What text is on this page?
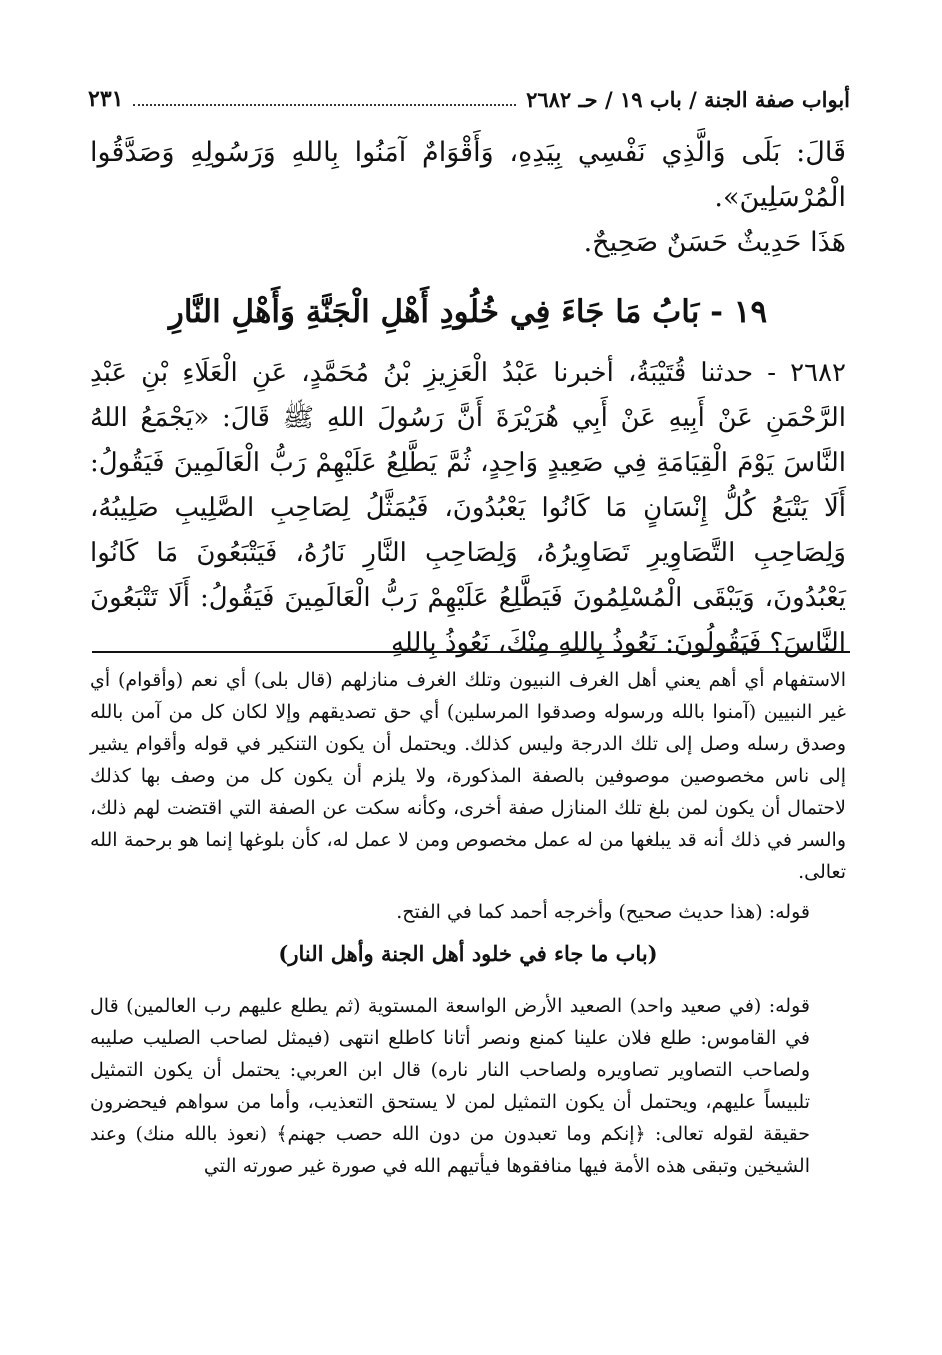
أبواب صفة الجنة / باب ١٩ / حـ ٢٦٨٢
٢٣١

قَالَ: بَلَى وَالَّذِي نَفْسِي بِيَدِهِ، وَأَقْوَامٌ آمَنُوا بِاللهِ وَرَسُولِهِ وَصَدَّقُوا الْمُرْسَلِينَ».

هَذَا حَدِيثٌ حَسَنٌ صَحِيحٌ.

١٩ - بَابُ مَا جَاءَ فِي خُلُودِ أَهْلِ الْجَنَّةِ وَأَهْلِ النَّارِ

٢٦٨٢ - حدثنا قُتَيْبَةُ، أخبرنا عَبْدُ الْعَزِيزِ بْنُ مُحَمَّدٍ، عَنِ الْعَلَاءِ بْنِ عَبْدِ الرَّحْمَنِ عَنْ أَبِيهِ عَنْ أَبِي هُرَيْرَةَ أَنَّ رَسُولَ اللهِ ﷺ قَالَ: «يَجْمَعُ اللهُ النَّاسَ يَوْمَ الْقِيَامَةِ فِي صَعِيدٍ وَاحِدٍ، ثُمَّ يَطَّلِعُ عَلَيْهِمْ رَبُّ الْعَالَمِينَ فَيَقُولُ: أَلَا يَتْبَعُ كُلُّ إِنْسَانٍ مَا كَانُوا يَعْبُدُونَ، فَيُمَثَّلُ لِصَاحِبِ الصَّلِيبِ صَلِيبُهُ، وَلِصَاحِبِ التَّصَاوِيرِ تَصَاوِيرُهُ، وَلِصَاحِبِ النَّارِ نَارُهُ، فَيَتْبَعُونَ مَا كَانُوا يَعْبُدُونَ، وَيَبْقَى الْمُسْلِمُونَ فَيَطَّلِعُ عَلَيْهِمْ رَبُّ الْعَالَمِينَ فَيَقُولُ: أَلَا تَتْبَعُونَ النَّاسَ؟ فَيَقُولُونَ: نَعُوذُ بِاللهِ مِنْكَ، نَعُوذُ بِاللهِ

الاستفهام أي أهم يعني أهل الغرف النبيون وتلك الغرف منازلهم (قال بلى) أي نعم (وأقوام) أي غير النبيين (آمنوا بالله ورسوله وصدقوا المرسلين) أي حق تصديقهم وإلا لكان كل من آمن بالله وصدق رسله وصل إلى تلك الدرجة وليس كذلك. ويحتمل أن يكون التنكير في قوله وأقوام يشير إلى ناس مخصوصين موصوفين بالصفة المذكورة، ولا يلزم أن يكون كل من وصف بها كذلك لاحتمال أن يكون لمن بلغ تلك المنازل صفة أخرى، وكأنه سكت عن الصفة التي اقتضت لهم ذلك، والسر في ذلك أنه قد يبلغها من له عمل مخصوص ومن لا عمل له، كأن بلوغها إنما هو برحمة الله تعالى.

قوله: (هذا حديث صحيح) وأخرجه أحمد كما في الفتح.

(باب ما جاء في خلود أهل الجنة وأهل النار)

قوله: (في صعيد واحد) الصعيد الأرض الواسعة المستوية (ثم يطلع عليهم رب العالمين) قال في القاموس: طلع فلان علينا كمنع ونصر أتانا كاطلع انتهى (فيمثل لصاحب الصليب صليبه ولصاحب التصاوير تصاويره ولصاحب النار ناره) قال ابن العربي: يحتمل أن يكون التمثيل تلبيساً عليهم، ويحتمل أن يكون التمثيل لمن لا يستحق التعذيب، وأما من سواهم فيحضرون حقيقة لقوله تعالى: ﴿إنكم وما تعبدون من دون الله حصب جهنم﴾ (نعوذ بالله منك) وعند الشيخين وتبقى هذه الأمة فيها منافقوها فيأتيهم الله في صورة غير صورته التي
